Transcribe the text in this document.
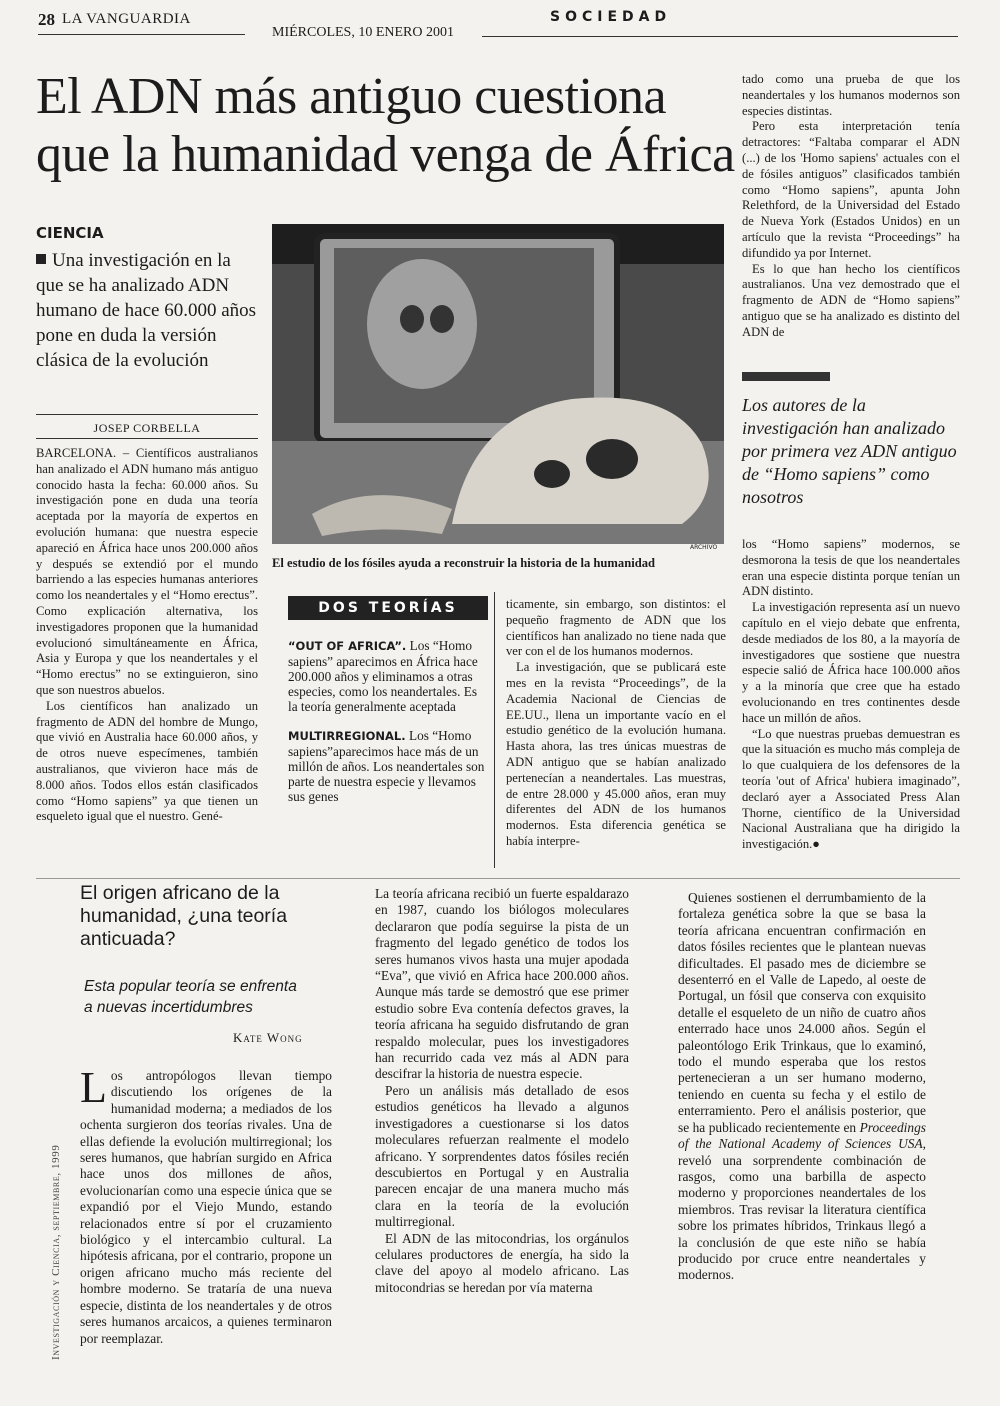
28 LA VANGUARDIA
MIÉRCOLES, 10 ENERO 2001
SOCIEDAD
El ADN más antiguo cuestiona
que la humanidad venga de África
CIENCIA
Una investigación en la que se ha analizado ADN humano de hace 60.000 años pone en duda la versión clásica de la evolución
JOSEP CORBELLA

BARCELONA. – Científicos australianos han analizado el ADN humano más antiguo conocido hasta la fecha: 60.000 años. Su investigación pone en duda una teoría aceptada por la mayoría de expertos en evolución humana: que nuestra especie apareció en África hace unos 200.000 años y después se extendió por el mundo barriendo a las especies humanas anteriores como los neandertales y el “Homo erectus”. Como explicación alternativa, los investigadores proponen que la humanidad evolucionó simultáneamente en África, Asia y Europa y que los neandertales y el “Homo erectus” no se extinguieron, sino que son nuestros abuelos.

Los científicos han analizado un fragmento de ADN del hombre de Mungo, que vivió en Australia hace 60.000 años, y de otros nueve especímenes, también australianos, que vivieron hace más de 8.000 años. Todos ellos están clasificados como “Homo sapiens” ya que tienen un esqueleto igual que el nuestro. Gené-

ARCHIVO
El estudio de los fósiles ayuda a reconstruir la historia de la humanidad
DOS TEORÍAS

“OUT OF AFRICA”. Los “Homo sapiens” aparecimos en África hace 200.000 años y eliminamos a otras especies, como los neandertales. Es la teoría generalmente aceptada

MULTIRREGIONAL. Los “Homo sapiens”aparecimos hace más de un millón de años. Los neandertales son parte de nuestra especie y llevamos sus genes

ticamente, sin embargo, son distintos: el pequeño fragmento de ADN que los científicos han analizado no tiene nada que ver con el de los humanos modernos.

La investigación, que se publicará este mes en la revista “Proceedings”, de la Academia Nacional de Ciencias de EE.UU., llena un importante vacío en el estudio genético de la evolución humana. Hasta ahora, las tres únicas muestras de ADN antiguo que se habían analizado pertenecían a neandertales. Las muestras, de entre 28.000 y 45.000 años, eran muy diferentes del ADN de los humanos modernos. Esta diferencia genética se había interpre-

tado como una prueba de que los neandertales y los humanos modernos son especies distintas.

Pero esta interpretación tenía detractores: “Faltaba comparar el ADN (...) de los 'Homo sapiens' actuales con el de fósiles antiguos” clasificados también como “Homo sapiens”, apunta John Relethford, de la Universidad del Estado de Nueva York (Estados Unidos) en un artículo que la revista “Proceedings” ha difundido ya por Internet.

Es lo que han hecho los científicos australianos. Una vez demostrado que el fragmento de ADN de “Homo sapiens” antiguo que se ha analizado es distinto del ADN de

Los autores de la investigación han analizado por primera vez ADN antiguo de “Homo sapiens” como nosotros

los “Homo sapiens” modernos, se desmorona la tesis de que los neandertales eran una especie distinta porque tenían un ADN distinto.

La investigación representa así un nuevo capítulo en el viejo debate que enfrenta, desde mediados de los 80, a la mayoría de investigadores que sostiene que nuestra especie salió de África hace 100.000 años y a la minoría que cree que ha estado evolucionando en tres continentes desde hace un millón de años.

“Lo que nuestras pruebas demuestran es que la situación es mucho más compleja de lo que cualquiera de los defensores de la teoría 'out of Africa' hubiera imaginado”, declaró ayer a Associated Press Alan Thorne, científico de la Universidad Nacional Australiana que ha dirigido la investigación.●

El origen africano de la humanidad, ¿una teoría anticuada?
Esta popular teoría se enfrenta a nuevas incertidumbres
Kate Wong
Investigación y Ciencia, septiembre, 1999

Los antropólogos llevan tiempo discutiendo los orígenes de la humanidad moderna; a mediados de los ochenta surgieron dos teorías rivales. Una de ellas defiende la evolución multirregional; los seres humanos, que habrían surgido en Africa hace unos dos millones de años, evolucionarían como una especie única que se expandió por el Viejo Mundo, estando relacionados entre sí por el cruzamiento biológico y el intercambio cultural. La hipótesis africana, por el contrario, propone un origen africano mucho más reciente del hombre moderno. Se trataría de una nueva especie, distinta de los neandertales y de otros seres humanos arcaicos, a quienes terminaron por reemplazar.

La teoría africana recibió un fuerte espaldarazo en 1987, cuando los biólogos moleculares declararon que podía seguirse la pista de un fragmento del legado genético de todos los seres humanos vivos hasta una mujer apodada “Eva”, que vivió en Africa hace 200.000 años. Aunque más tarde se demostró que ese primer estudio sobre Eva contenía defectos graves, la teoría africana ha seguido disfrutando de gran respaldo molecular, pues los investigadores han recurrido cada vez más al ADN para descifrar la historia de nuestra especie.

Pero un análisis más detallado de esos estudios genéticos ha llevado a algunos investigadores a cuestionarse si los datos moleculares refuerzan realmente el modelo africano. Y sorprendentes datos fósiles recién descubiertos en Portugal y en Australia parecen encajar de una manera mucho más clara en la teoría de la evolución multirregional.

El ADN de las mitocondrias, los orgánulos celulares productores de energía, ha sido la clave del apoyo al modelo africano. Las mitocondrias se heredan por vía materna

Quienes sostienen el derrumbamiento de la fortaleza genética sobre la que se basa la teoría africana encuentran confirmación en datos fósiles recientes que le plantean nuevas dificultades. El pasado mes de diciembre se desenterró en el Valle de Lapedo, al oeste de Portugal, un fósil que conserva con exquisito detalle el esqueleto de un niño de cuatro años enterrado hace unos 24.000 años. Según el paleontólogo Erik Trinkaus, que lo examinó, todo el mundo esperaba que los restos pertenecieran a un ser humano moderno, teniendo en cuenta su fecha y el estilo de enterramiento. Pero el análisis posterior, que se ha publicado recientemente en Proceedings of the National Academy of Sciences USA, reveló una sorprendente combinación de rasgos, como una barbilla de aspecto moderno y proporciones neandertales de los miembros. Tras revisar la literatura científica sobre los primates híbridos, Trinkaus llegó a la conclusión de que este niño se había producido por cruce entre neandertales y modernos.
